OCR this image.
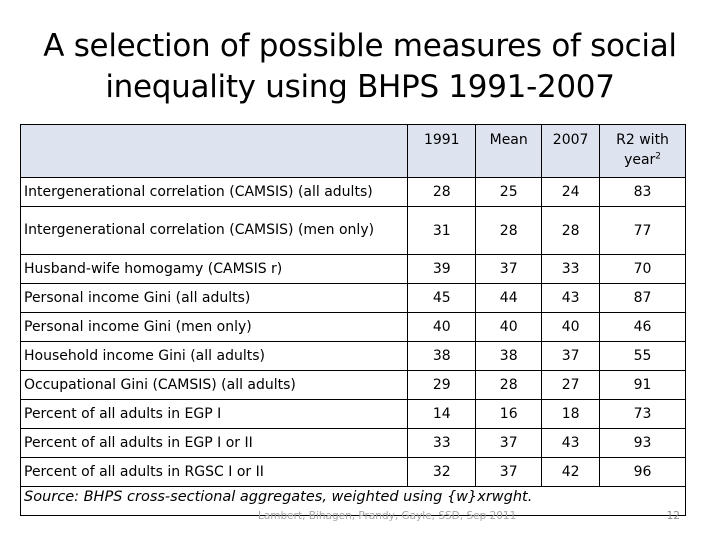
A selection of possible measures of social inequality using BHPS 1991-2007
	1991	Mean	2007	R2 with year$^2$
Intergenerational correlation (CAMSIS) (all adults)	28	25	24	83
Intergenerational correlation (CAMSIS) (men only)	31	28	28	77
Husband-wife homogamy (CAMSIS r)	39	37	33	70
Personal income Gini (all adults)	45	44	43	87
Personal income Gini (men only)	40	40	40	46
Household income Gini (all adults)	38	38	37	55
Occupational Gini (CAMSIS) (all adults)	29	28	27	91
Percent of all adults in EGP I	14	16	18	73
Percent of all adults in EGP I or II	33	37	43	93
Percent of all adults in RGSC I or II	32	37	42	96
Source: BHPS cross-sectional aggregates, weighted using {w}xrwght.				
Lambert, Bihagen, Prandy, Gayle, SSD, Sep 2011	12
